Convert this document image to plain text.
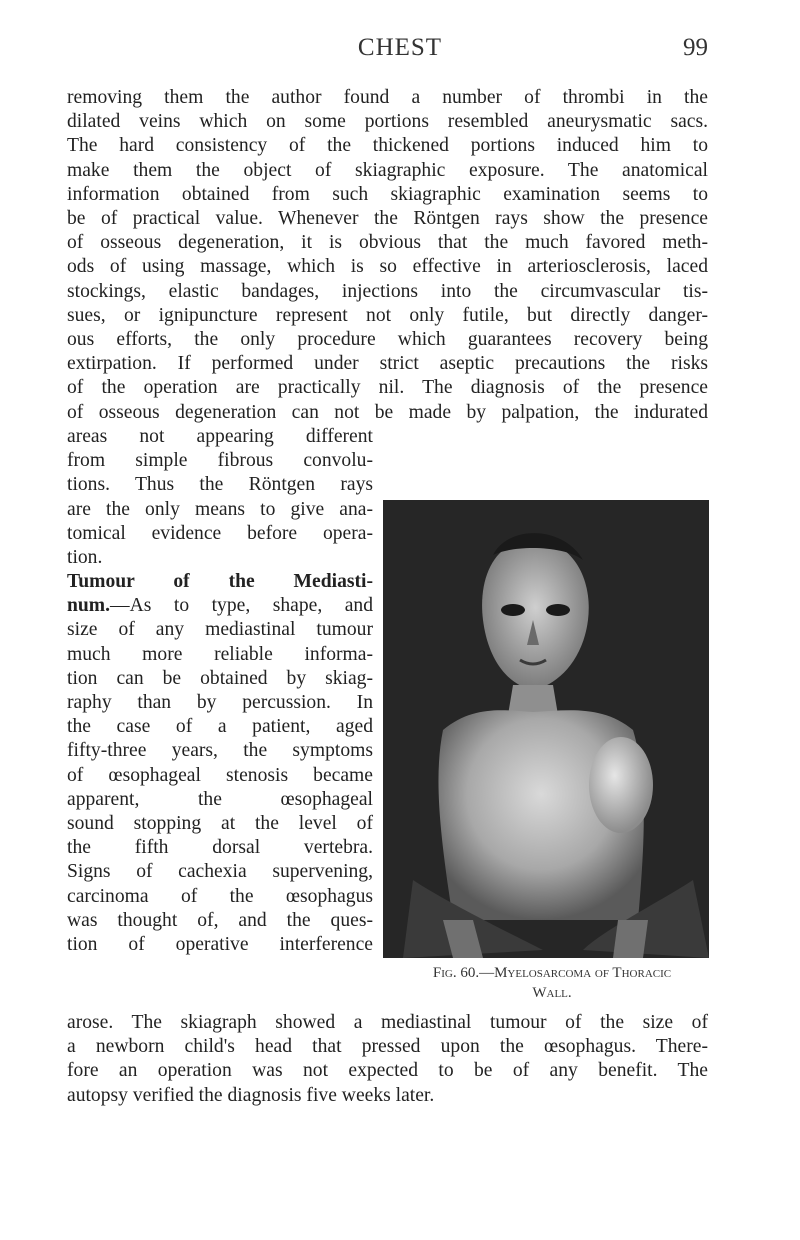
CHEST	99
removing them the author found a number of thrombi in the
dilated veins which on some portions resembled aneurysmatic sacs.
The hard consistency of the thickened portions induced him to
make them the object of skiagraphic exposure. The anatomical
information obtained from such skiagraphic examination seems to
be of practical value. Whenever the Röntgen rays show the presence
of osseous degeneration, it is obvious that the much favored meth-
ods of using massage, which is so effective in arteriosclerosis, laced
stockings, elastic bandages, injections into the circumvascular tis-
sues, or ignipuncture represent not only futile, but directly danger-
ous efforts, the only procedure which guarantees recovery being
extirpation. If performed under strict aseptic precautions the risks
of the operation are practically nil. The diagnosis of the presence
of osseous degeneration can not be made by palpation, the indurated
areas not appearing different
from simple fibrous convolu-
tions. Thus the Röntgen rays
are the only means to give ana-
tomical evidence before opera-
tion.
Tumour of the Mediasti-
num.—As to type, shape, and
size of any mediastinal tumour
much more reliable informa-
tion can be obtained by skiag-
raphy than by percussion. In
the case of a patient, aged
fifty-three years, the symptoms
of œsophageal stenosis became
apparent, the œsophageal
sound stopping at the level of
the fifth dorsal vertebra.
Signs of cachexia supervening,
carcinoma of the œsophagus
was thought of, and the ques-
tion of operative interference
Fig. 60.—Myelosarcoma of Thoracic
Wall.
arose. The skiagraph showed a mediastinal tumour of the size of
a newborn child's head that pressed upon the œsophagus. There-
fore an operation was not expected to be of any benefit. The
autopsy verified the diagnosis five weeks later.
